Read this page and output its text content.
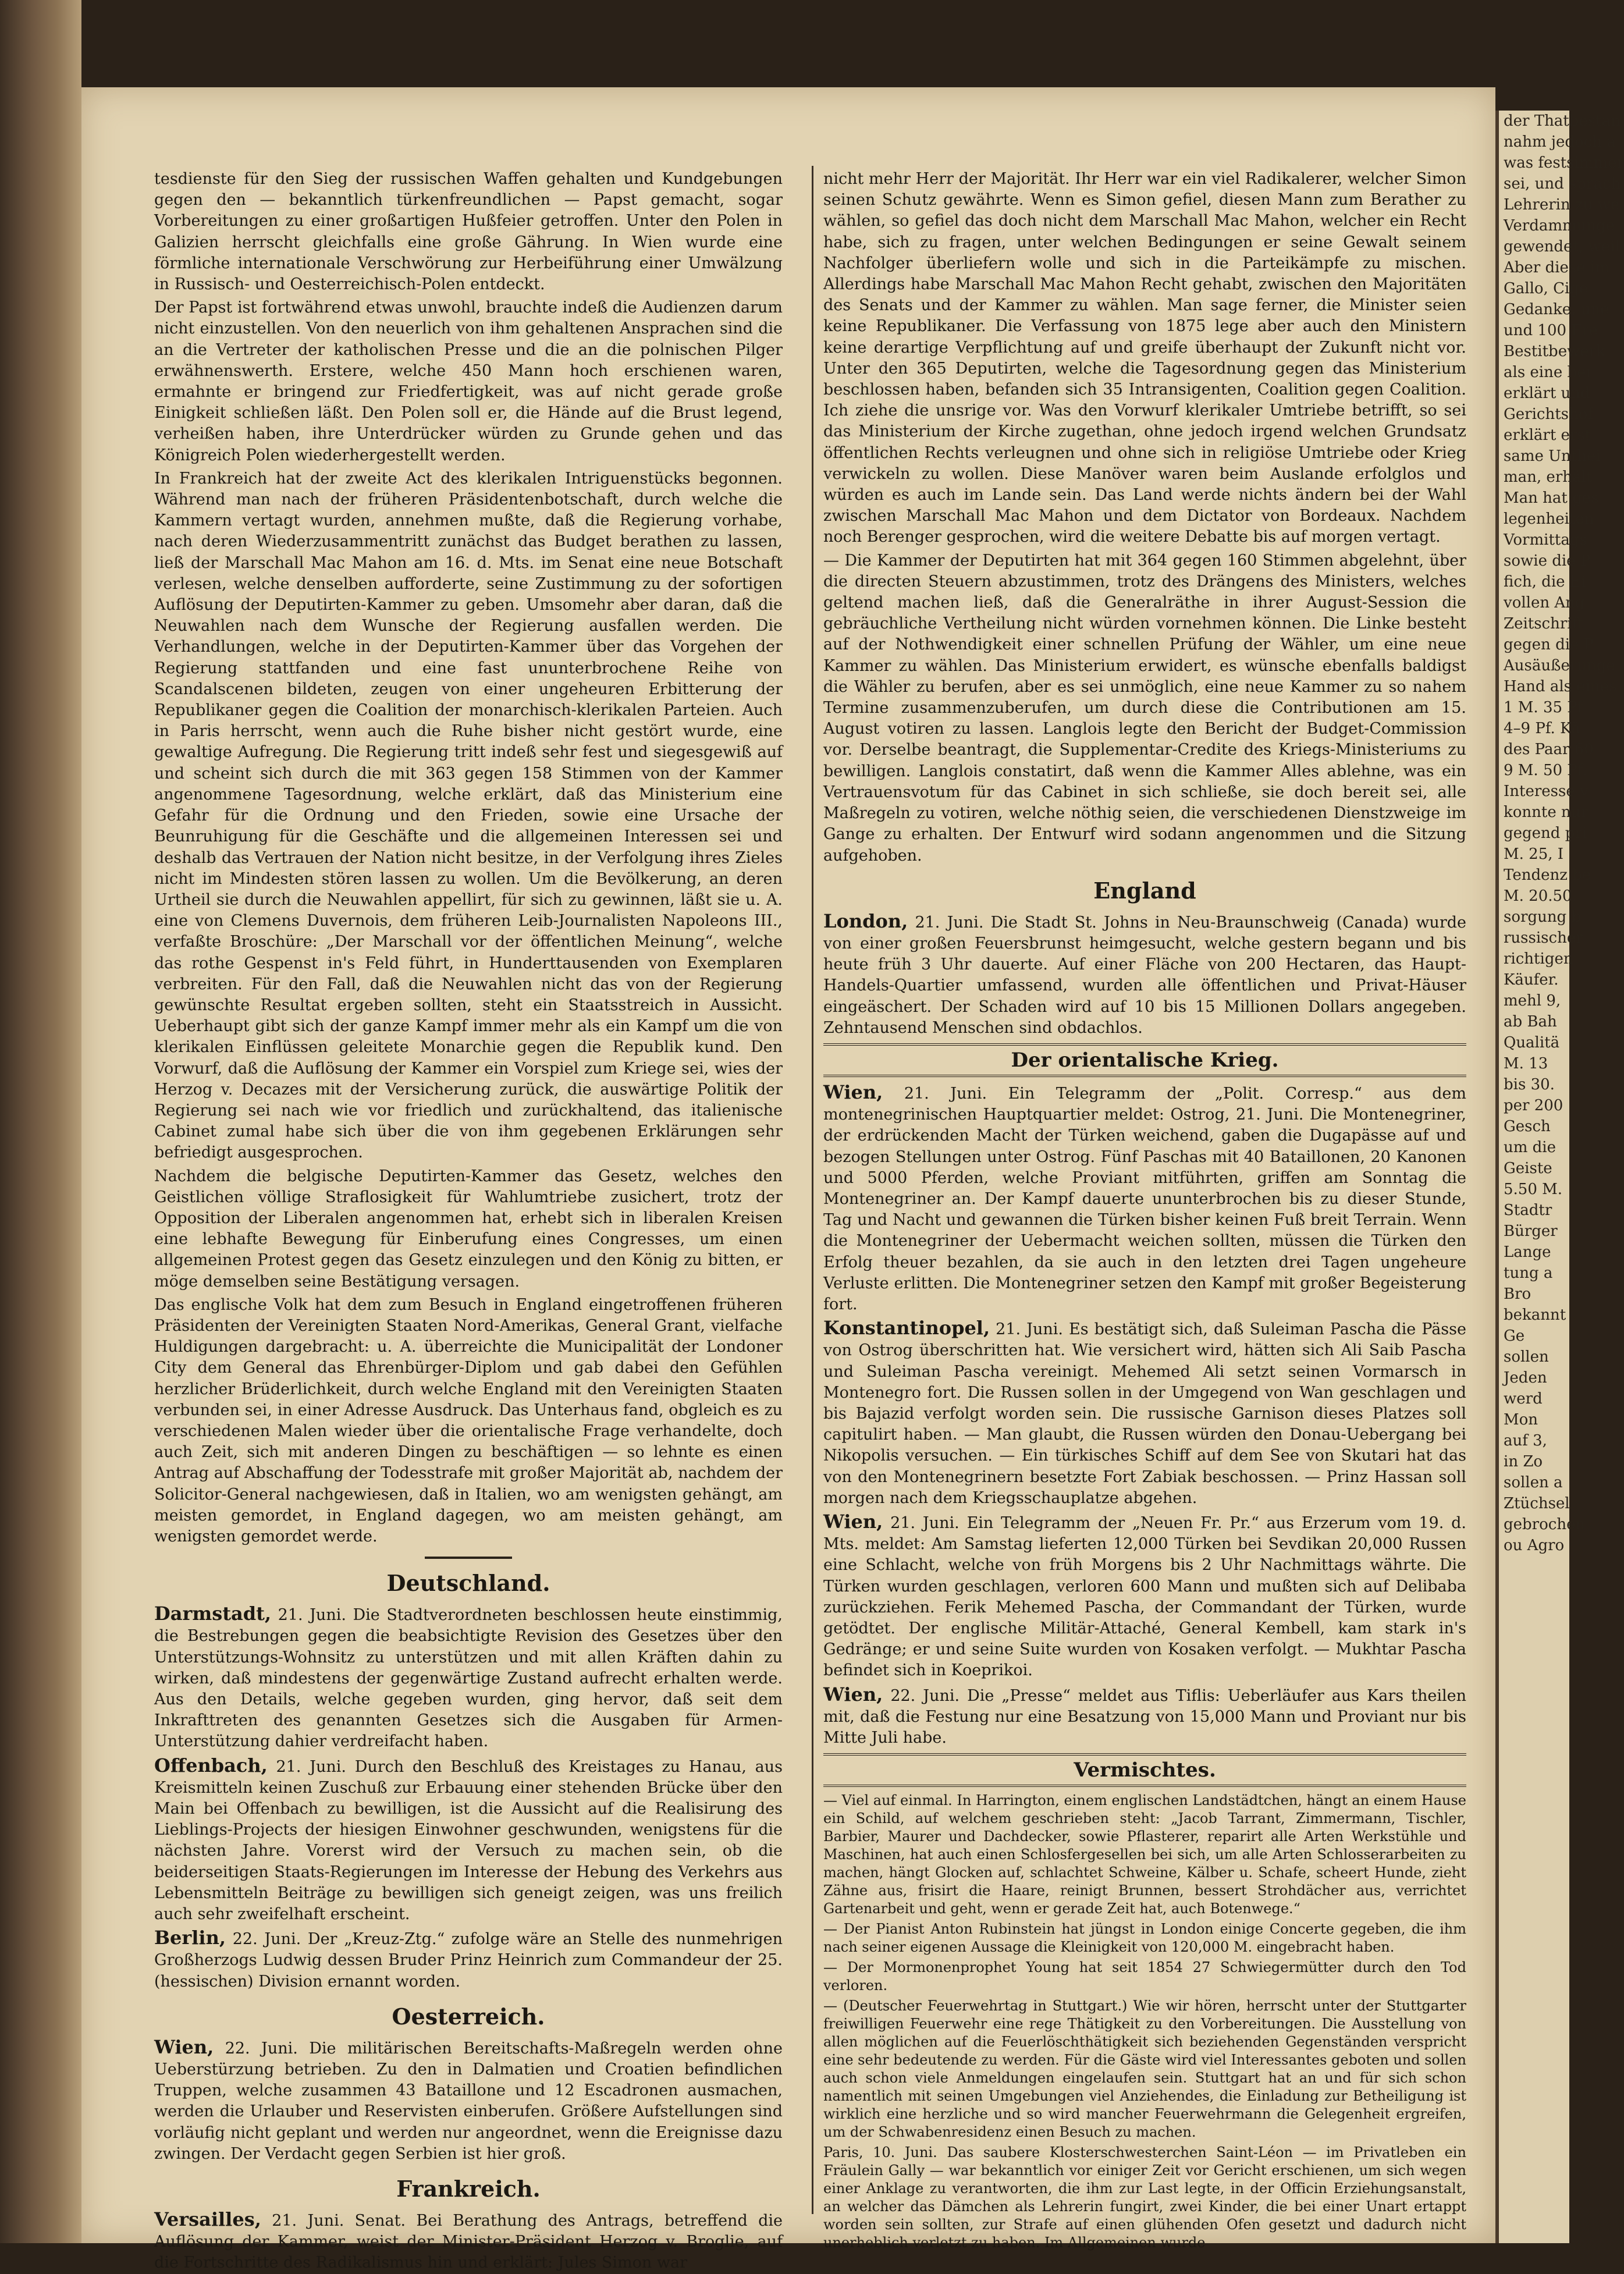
tesdienste für den Sieg der russischen Waffen gehalten und Kundgebungen gegen den — bekanntlich türkenfreundlichen — Papst gemacht, sogar Vorbereitungen zu einer großartigen Hußfeier getroffen. Unter den Polen in Galizien herrscht gleichfalls eine große Gährung. In Wien wurde eine förmliche internationale Verschwörung zur Herbeiführung einer Umwälzung in Russisch- und Oesterreichisch-Polen entdeckt.

Der Papst ist fortwährend etwas unwohl, brauchte indeß die Audienzen darum nicht einzustellen. Von den neuerlich von ihm gehaltenen Ansprachen sind die an die Vertreter der katholischen Presse und die an die polnischen Pilger erwähnenswerth. Erstere, welche 450 Mann hoch erschienen waren, ermahnte er bringend zur Friedfertigkeit, was auf nicht gerade große Einigkeit schließen läßt. Den Polen soll er, die Hände auf die Brust legend, verheißen haben, ihre Unterdrücker würden zu Grunde gehen und das Königreich Polen wiederhergestellt werden.

In Frankreich hat der zweite Act des klerikalen Intriguenstücks begonnen. Während man nach der früheren Präsidentenbotschaft, durch welche die Kammern vertagt wurden, annehmen mußte, daß die Regierung vorhabe, nach deren Wiederzusammentritt zunächst das Budget berathen zu lassen, ließ der Marschall Mac Mahon am 16. d. Mts. im Senat eine neue Botschaft verlesen, welche denselben aufforderte, seine Zustimmung zu der sofortigen Auflösung der Deputirten-Kammer zu geben. Umsomehr aber daran, daß die Neuwahlen nach dem Wunsche der Regierung ausfallen werden. Die Verhandlungen, welche in der Deputirten-Kammer über das Vorgehen der Regierung stattfanden und eine fast ununterbrochene Reihe von Scandalscenen bildeten, zeugen von einer ungeheuren Erbitterung der Republikaner gegen die Coalition der monarchisch-klerikalen Parteien. Auch in Paris herrscht, wenn auch die Ruhe bisher nicht gestört wurde, eine gewaltige Aufregung. Die Regierung tritt indeß sehr fest und siegesgewiß auf und scheint sich durch die mit 363 gegen 158 Stimmen von der Kammer angenommene Tagesordnung, welche erklärt, daß das Ministerium eine Gefahr für die Ordnung und den Frieden, sowie eine Ursache der Beunruhigung für die Geschäfte und die allgemeinen Interessen sei und deshalb das Vertrauen der Nation nicht besitze, in der Verfolgung ihres Zieles nicht im Mindesten stören lassen zu wollen. Um die Bevölkerung, an deren Urtheil sie durch die Neuwahlen appellirt, für sich zu gewinnen, läßt sie u. A. eine von Clemens Duvernois, dem früheren Leib-Journalisten Napoleons III., verfaßte Broschüre: „Der Marschall vor der öffentlichen Meinung“, welche das rothe Gespenst in's Feld führt, in Hunderttausenden von Exemplaren verbreiten. Für den Fall, daß die Neuwahlen nicht das von der Regierung gewünschte Resultat ergeben sollten, steht ein Staatsstreich in Aussicht. Ueberhaupt gibt sich der ganze Kampf immer mehr als ein Kampf um die von klerikalen Einflüssen geleitete Monarchie gegen die Republik kund. Den Vorwurf, daß die Auflösung der Kammer ein Vorspiel zum Kriege sei, wies der Herzog v. Decazes mit der Versicherung zurück, die auswärtige Politik der Regierung sei nach wie vor friedlich und zurückhaltend, das italienische Cabinet zumal habe sich über die von ihm gegebenen Erklärungen sehr befriedigt ausgesprochen.

Nachdem die belgische Deputirten-Kammer das Gesetz, welches den Geistlichen völlige Straflosigkeit für Wahlumtriebe zusichert, trotz der Opposition der Liberalen angenommen hat, erhebt sich in liberalen Kreisen eine lebhafte Bewegung für Einberufung eines Congresses, um einen allgemeinen Protest gegen das Gesetz einzulegen und den König zu bitten, er möge demselben seine Bestätigung versagen.

Das englische Volk hat dem zum Besuch in England eingetroffenen früheren Präsidenten der Vereinigten Staaten Nord-Amerikas, General Grant, vielfache Huldigungen dargebracht: u. A. überreichte die Municipalität der Londoner City dem General das Ehrenbürger-Diplom und gab dabei den Gefühlen herzlicher Brüderlichkeit, durch welche England mit den Vereinigten Staaten verbunden sei, in einer Adresse Ausdruck. Das Unterhaus fand, obgleich es zu verschiedenen Malen wieder über die orientalische Frage verhandelte, doch auch Zeit, sich mit anderen Dingen zu beschäftigen — so lehnte es einen Antrag auf Abschaffung der Todesstrafe mit großer Majorität ab, nachdem der Solicitor-General nachgewiesen, daß in Italien, wo am wenigsten gehängt, am meisten gemordet, in England dagegen, wo am meisten gehängt, am wenigsten gemordet werde.

Deutschland.

Darmstadt, 21. Juni. Die Stadtverordneten beschlossen heute einstimmig, die Bestrebungen gegen die beabsichtigte Revision des Gesetzes über den Unterstützungs-Wohnsitz zu unterstützen und mit allen Kräften dahin zu wirken, daß mindestens der gegenwärtige Zustand aufrecht erhalten werde. Aus den Details, welche gegeben wurden, ging hervor, daß seit dem Inkrafttreten des genannten Gesetzes sich die Ausgaben für Armen-Unterstützung dahier verdreifacht haben.

Offenbach, 21. Juni. Durch den Beschluß des Kreistages zu Hanau, aus Kreismitteln keinen Zuschuß zur Erbauung einer stehenden Brücke über den Main bei Offenbach zu bewilligen, ist die Aussicht auf die Realisirung des Lieblings-Projects der hiesigen Einwohner geschwunden, wenigstens für die nächsten Jahre. Vorerst wird der Versuch zu machen sein, ob die beiderseitigen Staats-Regierungen im Interesse der Hebung des Verkehrs aus Lebensmitteln Beiträge zu bewilligen sich geneigt zeigen, was uns freilich auch sehr zweifelhaft erscheint.

Berlin, 22. Juni. Der „Kreuz-Ztg.“ zufolge wäre an Stelle des nunmehrigen Großherzogs Ludwig dessen Bruder Prinz Heinrich zum Commandeur der 25. (hessischen) Division ernannt worden.

Oesterreich.

Wien, 22. Juni. Die militärischen Bereitschafts-Maßregeln werden ohne Ueberstürzung betrieben. Zu den in Dalmatien und Croatien befindlichen Truppen, welche zusammen 43 Bataillone und 12 Escadronen ausmachen, werden die Urlauber und Reservisten einberufen. Größere Aufstellungen sind vorläufig nicht geplant und werden nur angeordnet, wenn die Ereignisse dazu zwingen. Der Verdacht gegen Serbien ist hier groß.

Frankreich.

Versailles, 21. Juni. Senat. Bei Berathung des Antrags, betreffend die Auflösung der Kammer, weist der Minister-Präsident Herzog v. Broglie, auf die Fortschritte des Radikalismus hin und erklärt: Jules Simon war

nicht mehr Herr der Majorität. Ihr Herr war ein viel Radikalerer, welcher Simon seinen Schutz gewährte. Wenn es Simon gefiel, diesen Mann zum Berather zu wählen, so gefiel das doch nicht dem Marschall Mac Mahon, welcher ein Recht habe, sich zu fragen, unter welchen Bedingungen er seine Gewalt seinem Nachfolger überliefern wolle und sich in die Parteikämpfe zu mischen. Allerdings habe Marschall Mac Mahon Recht gehabt, zwischen den Majoritäten des Senats und der Kammer zu wählen. Man sage ferner, die Minister seien keine Republikaner. Die Verfassung von 1875 lege aber auch den Ministern keine derartige Verpflichtung auf und greife überhaupt der Zukunft nicht vor. Unter den 365 Deputirten, welche die Tagesordnung gegen das Ministerium beschlossen haben, befanden sich 35 Intransigenten, Coalition gegen Coalition. Ich ziehe die unsrige vor. Was den Vorwurf klerikaler Umtriebe betrifft, so sei das Ministerium der Kirche zugethan, ohne jedoch irgend welchen Grundsatz öffentlichen Rechts verleugnen und ohne sich in religiöse Umtriebe oder Krieg verwickeln zu wollen. Diese Manöver waren beim Auslande erfolglos und würden es auch im Lande sein. Das Land werde nichts ändern bei der Wahl zwischen Marschall Mac Mahon und dem Dictator von Bordeaux. Nachdem noch Berenger gesprochen, wird die weitere Debatte bis auf morgen vertagt.

— Die Kammer der Deputirten hat mit 364 gegen 160 Stimmen abgelehnt, über die directen Steuern abzustimmen, trotz des Drängens des Ministers, welches geltend machen ließ, daß die Generalräthe in ihrer August-Session die gebräuchliche Vertheilung nicht würden vornehmen können. Die Linke besteht auf der Nothwendigkeit einer schnellen Prüfung der Wähler, um eine neue Kammer zu wählen. Das Ministerium erwidert, es wünsche ebenfalls baldigst die Wähler zu berufen, aber es sei unmöglich, eine neue Kammer zu so nahem Termine zusammenzuberufen, um durch diese die Contributionen am 15. August votiren zu lassen. Langlois legte den Bericht der Budget-Commission vor. Derselbe beantragt, die Supplementar-Credite des Kriegs-Ministeriums zu bewilligen. Langlois constatirt, daß wenn die Kammer Alles ablehne, was ein Vertrauensvotum für das Cabinet in sich schließe, sie doch bereit sei, alle Maßregeln zu votiren, welche nöthig seien, die verschiedenen Dienstzweige im Gange zu erhalten. Der Entwurf wird sodann angenommen und die Sitzung aufgehoben.

England

London, 21. Juni. Die Stadt St. Johns in Neu-Braunschweig (Canada) wurde von einer großen Feuersbrunst heimgesucht, welche gestern begann und bis heute früh 3 Uhr dauerte. Auf einer Fläche von 200 Hectaren, das Haupt-Handels-Quartier umfassend, wurden alle öffentlichen und Privat-Häuser eingeäschert. Der Schaden wird auf 10 bis 15 Millionen Dollars angegeben. Zehntausend Menschen sind obdachlos.

Der orientalische Krieg.

Wien, 21. Juni. Ein Telegramm der „Polit. Corresp.“ aus dem montenegrinischen Hauptquartier meldet: Ostrog, 21. Juni. Die Montenegriner, der erdrückenden Macht der Türken weichend, gaben die Dugapässe auf und bezogen Stellungen unter Ostrog. Fünf Paschas mit 40 Bataillonen, 20 Kanonen und 5000 Pferden, welche Proviant mitführten, griffen am Sonntag die Montenegriner an. Der Kampf dauerte ununterbrochen bis zu dieser Stunde, Tag und Nacht und gewannen die Türken bisher keinen Fuß breit Terrain. Wenn die Montenegriner der Uebermacht weichen sollten, müssen die Türken den Erfolg theuer bezahlen, da sie auch in den letzten drei Tagen ungeheure Verluste erlitten. Die Montenegriner setzen den Kampf mit großer Begeisterung fort.

Konstantinopel, 21. Juni. Es bestätigt sich, daß Suleiman Pascha die Pässe von Ostrog überschritten hat. Wie versichert wird, hätten sich Ali Saib Pascha und Suleiman Pascha vereinigt. Mehemed Ali setzt seinen Vormarsch in Montenegro fort. Die Russen sollen in der Umgegend von Wan geschlagen und bis Bajazid verfolgt worden sein. Die russische Garnison dieses Platzes soll capitulirt haben. — Man glaubt, die Russen würden den Donau-Uebergang bei Nikopolis versuchen. — Ein türkisches Schiff auf dem See von Skutari hat das von den Montenegrinern besetzte Fort Zabiak beschossen. — Prinz Hassan soll morgen nach dem Kriegsschauplatze abgehen.

Wien, 21. Juni. Ein Telegramm der „Neuen Fr. Pr.“ aus Erzerum vom 19. d. Mts. meldet: Am Samstag lieferten 12,000 Türken bei Sevdikan 20,000 Russen eine Schlacht, welche von früh Morgens bis 2 Uhr Nachmittags währte. Die Türken wurden geschlagen, verloren 600 Mann und mußten sich auf Delibaba zurückziehen. Ferik Mehemed Pascha, der Commandant der Türken, wurde getödtet. Der englische Militär-Attaché, General Kembell, kam stark in's Gedränge; er und seine Suite wurden von Kosaken verfolgt. — Mukhtar Pascha befindet sich in Koeprikoi.

Wien, 22. Juni. Die „Presse“ meldet aus Tiflis: Ueberläufer aus Kars theilen mit, daß die Festung nur eine Besatzung von 15,000 Mann und Proviant nur bis Mitte Juli habe.

Vermischtes.

— Viel auf einmal. In Harrington, einem englischen Landstädtchen, hängt an einem Hause ein Schild, auf welchem geschrieben steht: „Jacob Tarrant, Zimmermann, Tischler, Barbier, Maurer und Dachdecker, sowie Pflasterer, reparirt alle Arten Werkstühle und Maschinen, hat auch einen Schlosfergesellen bei sich, um alle Arten Schlosserarbeiten zu machen, hängt Glocken auf, schlachtet Schweine, Kälber u. Schafe, scheert Hunde, zieht Zähne aus, frisirt die Haare, reinigt Brunnen, bessert Strohdächer aus, verrichtet Gartenarbeit und geht, wenn er gerade Zeit hat, auch Botenwege.“

— Der Pianist Anton Rubinstein hat jüngst in London einige Concerte gegeben, die ihm nach seiner eigenen Aussage die Kleinigkeit von 120,000 M. eingebracht haben.

— Der Mormonenprophet Young hat seit 1854 27 Schwiegermütter durch den Tod verloren.

— (Deutscher Feuerwehrtag in Stuttgart.) Wie wir hören, herrscht unter der Stuttgarter freiwilligen Feuerwehr eine rege Thätigkeit zu den Vorbereitungen. Die Ausstellung von allen möglichen auf die Feuerlöschthätigkeit sich beziehenden Gegenständen verspricht eine sehr bedeutende zu werden. Für die Gäste wird viel Interessantes geboten und sollen auch schon viele Anmeldungen eingelaufen sein. Stuttgart hat an und für sich schon namentlich mit seinen Umgebungen viel Anziehendes, die Einladung zur Betheiligung ist wirklich eine herzliche und so wird mancher Feuerwehrmann die Gelegenheit ergreifen, um der Schwabenresidenz einen Besuch zu machen.

Paris, 10. Juni. Das saubere Klosterschwesterchen Saint-Léon — im Privatleben ein Fräulein Gally — war bekanntlich vor einiger Zeit vor Gericht erschienen, um sich wegen einer Anklage zu verantworten, die ihm zur Last legte, in der Officin Erziehungsanstalt, an welcher das Dämchen als Lehrerin fungirt, zwei Kinder, die bei einer Unart ertappt worden sein sollten, zur Strafe auf einen glühenden Ofen gesetzt und dadurch nicht unerheblich verletzt zu haben. Im Allgemeinen wurde

der Thatbestan
nahm jedoch a
was festsimmer
sei, und sprach
Lehrerin zu we
Verdammunge
gewendet, weil
Aber diese im
Gallo, Cige
Gedanke, une
und 100 Fre
Bestitbewerk
als eine bei
erklärt und
Gerichtshof
erklärt erst
same Unthei
man, erhält
Man hat ges
legenheiten
Vormittags
sowie die P
fich, die Ei
vollen Ang
Zeitschrift
gegen die P
Ausäußerunge
Hand als eines
1 M. 35 Pf
4–9 Pf. Kä
des Paar 60
9 M. 50 Pf.
Interesse v
konnte nur
gegend pri
M. 25, I
Tendenz be
M. 20.50,
sorgung b
russischer
richtigen
Käufer.
mehl 9,
ab Bah
Qualitä
M. 13
bis 30.
per 200
Gesch
um die
Geiste
5.50 M.
Stadtr
Bürger
Lange
tung a
Bro
bekannt
Ge
sollen
Jeden
werd
Mon
auf 3,
in Zo
sollen a
Ztüchsel
gebrochen
ou Agro
